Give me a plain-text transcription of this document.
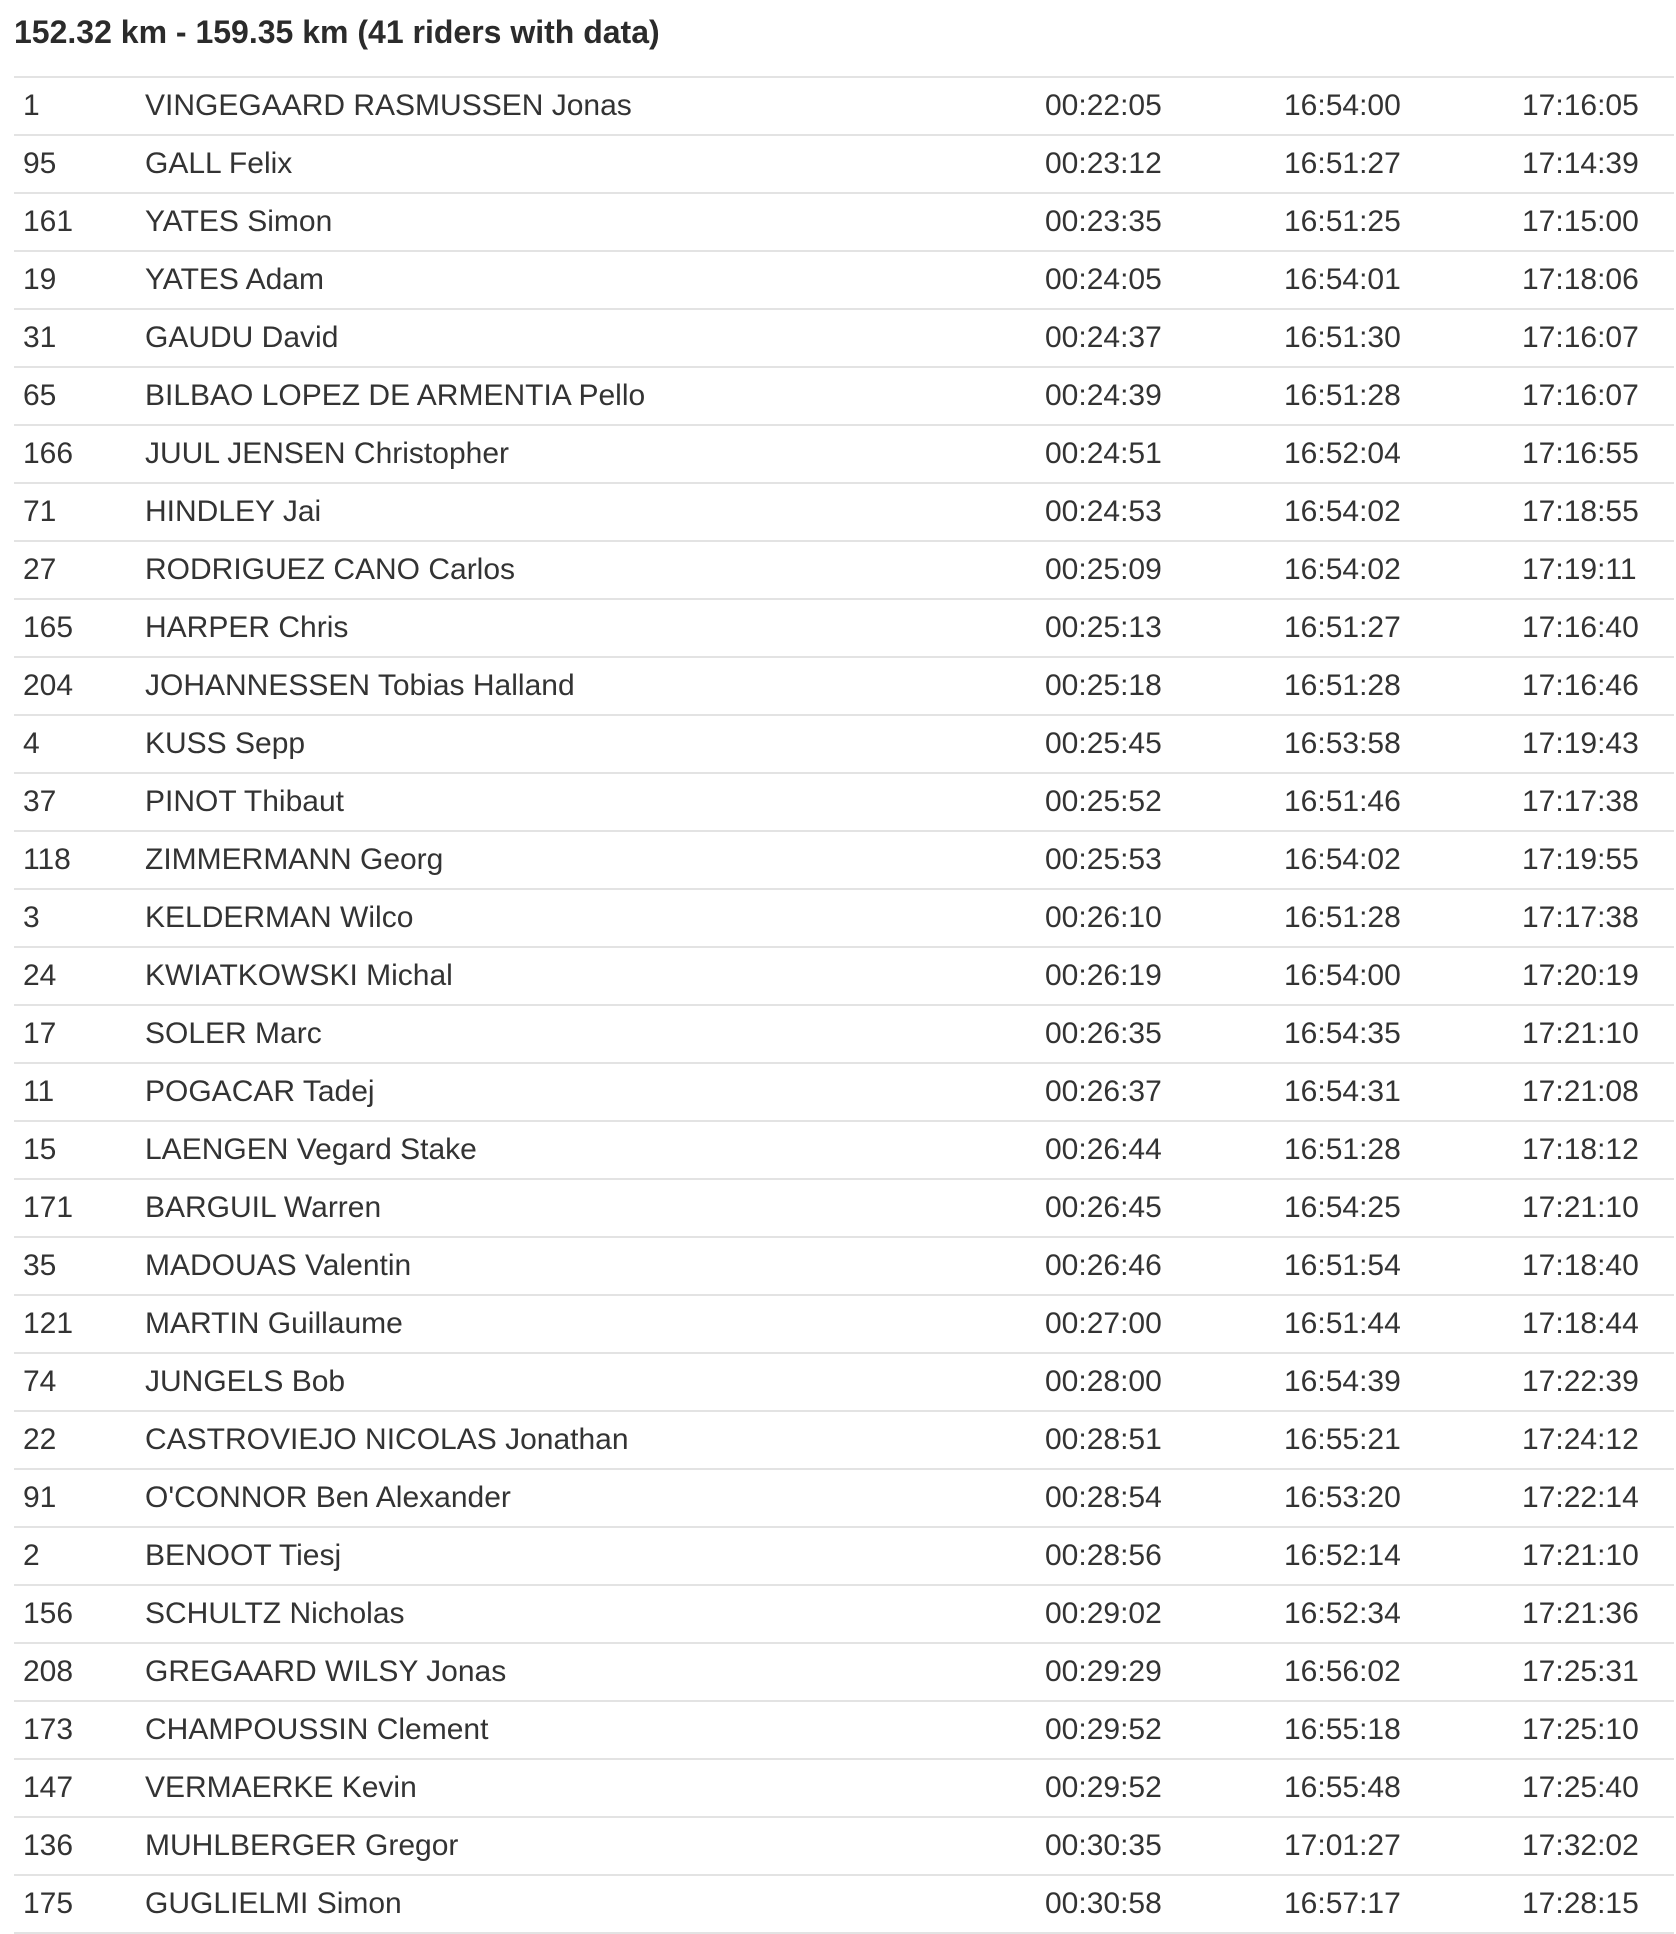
152.32 km - 159.35 km (41 riders with data)
1	VINGEGAARD RASMUSSEN Jonas	00:22:05	16:54:00	17:16:05
95	GALL Felix	00:23:12	16:51:27	17:14:39
161 YATES Simon	00:23:35	16:51:25	17:15:00
19	YATES Adam	00:24:05	16:54:01	17:18:06
31	GAUDU David	00:24:37	16:51:30	17:16:07
65	BILBAO LOPEZ DE ARMENTIA Pello	00:24:39	16:51:28	17:16:07
166 JUUL JENSEN Christopher	00:24:51	16:52:04	17:16:55
71	HINDLEY Jai	00:24:53	16:54:02	17:18:55
27	RODRIGUEZ CANO Carlos	00:25:09	16:54:02	17:19:11
165 HARPER Chris	00:25:13	16:51:27	17:16:40
204 JOHANNESSEN Tobias Halland	00:25:18	16:51:28	17:16:46
4	KUSS Sepp	00:25:45	16:53:58	17:19:43
37	PINOT Thibaut	00:25:52	16:51:46	17:17:38
118 ZIMMERMANN Georg	00:25:53	16:54:02	17:19:55
3	KELDERMAN Wilco	00:26:10	16:51:28	17:17:38
24	KWIATKOWSKI Michal	00:26:19	16:54:00	17:20:19
17	SOLER Marc	00:26:35	16:54:35	17:21:10
11	POGACAR Tadej	00:26:37	16:54:31	17:21:08
15	LAENGEN Vegard Stake	00:26:44	16:51:28	17:18:12
171 BARGUIL Warren	00:26:45	16:54:25	17:21:10
35	MADOUAS Valentin	00:26:46	16:51:54	17:18:40
121 MARTIN Guillaume	00:27:00	16:51:44	17:18:44
74	JUNGELS Bob	00:28:00	16:54:39	17:22:39
22	CASTROVIEJO NICOLAS Jonathan	00:28:51	16:55:21	17:24:12
91	O'CONNOR Ben Alexander	00:28:54	16:53:20	17:22:14
2	BENOOT Tiesj	00:28:56	16:52:14	17:21:10
156 SCHULTZ Nicholas	00:29:02	16:52:34	17:21:36
208 GREGAARD WILSY Jonas	00:29:29	16:56:02	17:25:31
173 CHAMPOUSSIN Clement	00:29:52	16:55:18	17:25:10
147 VERMAERKE Kevin	00:29:52	16:55:48	17:25:40
136 MUHLBERGER Gregor	00:30:35	17:01:27	17:32:02
175 GUGLIELMI Simon	00:30:58	16:57:17	17:28:15
